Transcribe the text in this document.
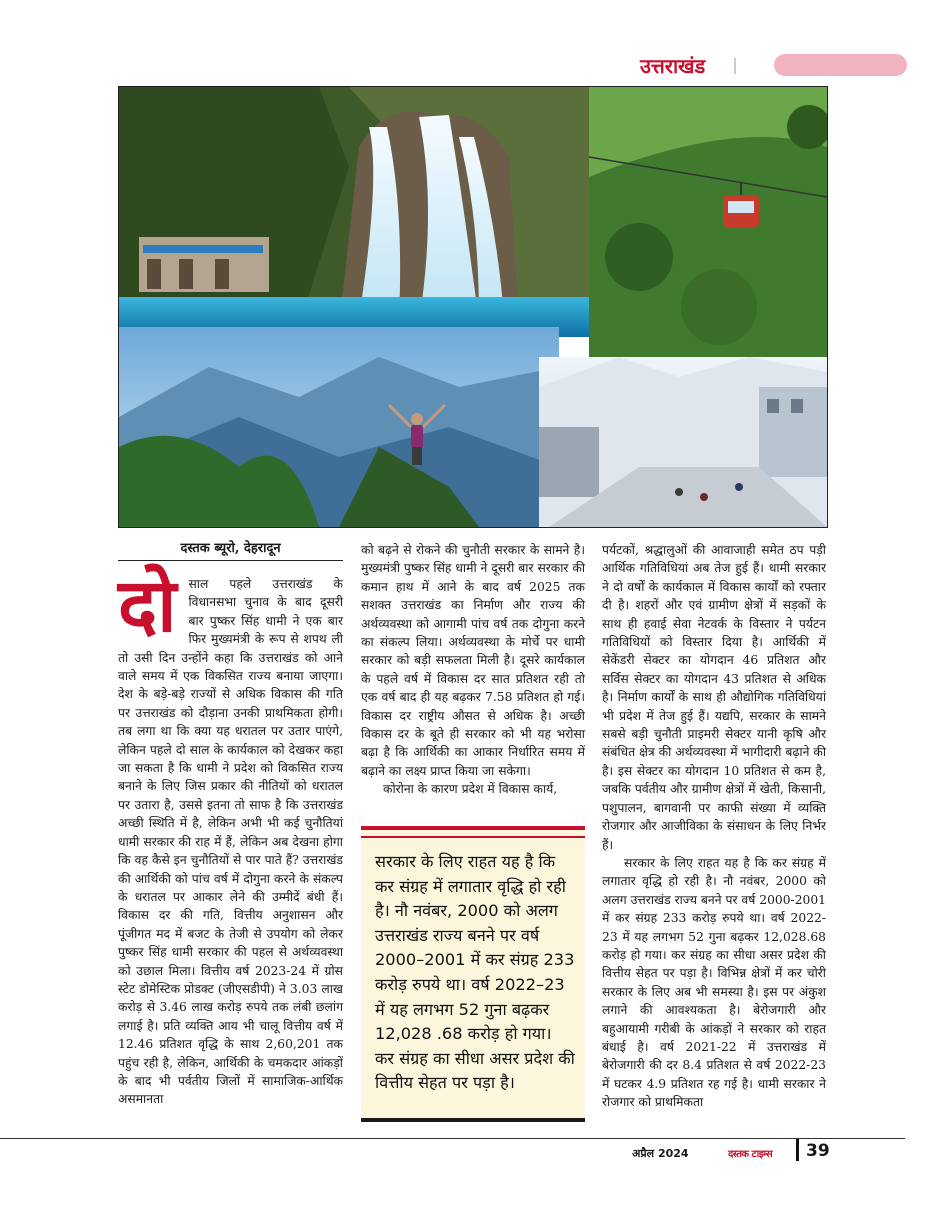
उत्तराखंड
दस्तक ब्यूरो, देहरादून

दोसाल पहले उत्तराखंड के विधानसभा चुनाव के बाद दूसरी बार पुष्कर सिंह धामी ने एक बार फिर मुख्यमंत्री के रूप से शपथ ली तो उसी दिन उन्होंने कहा कि उत्तराखंड को आने वाले समय में एक विकसित राज्य बनाया जाएगा। देश के बड़े-बड़े राज्यों से अधिक विकास की गति पर उत्तराखंड को दौड़ाना उनकी प्राथमिकता होगी। तब लगा था कि क्या यह धरातल पर उतार पाएंगे, लेकिन पहले दो साल के कार्यकाल को देखकर कहा जा सकता है कि धामी ने प्रदेश को विकसित राज्य बनाने के लिए जिस प्रकार की नीतियों को धरातल पर उतारा है, उससे इतना तो साफ है कि उत्तराखंड अच्छी स्थिति में है, लेकिन अभी भी कई चुनौतियां धामी सरकार की राह में हैं, लेकिन अब देखना होगा कि वह कैसे इन चुनौतियों से पार पाते हैं? उत्तराखंड की आर्थिकी को पांच वर्ष में दोगुना करने के संकल्प के धरातल पर आकार लेने की उम्मीदें बंधी हैं। विकास दर की गति, वित्तीय अनुशासन और पूंजीगत मद में बजट के तेजी से उपयोग को लेकर पुष्कर सिंह धामी सरकार की पहल से अर्थव्यवस्था को उछाल मिला। वित्तीय वर्ष 2023-24 में ग्रोस स्टेट डोमेस्टिक प्रोडक्ट (जीएसडीपी) ने 3.03 लाख करोड़ से 3.46 लाख करोड़ रुपये तक लंबी छलांग लगाई है। प्रति व्यक्ति आय भी चालू वित्तीय वर्ष में 12.46 प्रतिशत वृद्धि के साथ 2,60,201 तक पहुंच रही है, लेकिन, आर्थिकी के चमकदार आंकड़ों के बाद भी पर्वतीय जिलों में सामाजिक-आर्थिक असमानता

को बढ़ने से रोकने की चुनौती सरकार के सामने है। मुख्यमंत्री पुष्कर सिंह धामी ने दूसरी बार सरकार की कमान हाथ में आने के बाद वर्ष 2025 तक सशक्त उत्तराखंड का निर्माण और राज्य की अर्थव्यवस्था को आगामी पांच वर्ष तक दोगुना करने का संकल्प लिया। अर्थव्यवस्था के मोर्चे पर धामी सरकार को बड़ी सफलता मिली है। दूसरे कार्यकाल के पहले वर्ष में विकास दर सात प्रतिशत रही तो एक वर्ष बाद ही यह बढ़कर 7.58 प्रतिशत हो गई। विकास दर राष्ट्रीय औसत से अधिक है। अच्छी विकास दर के बूते ही सरकार को भी यह भरोसा बढ़ा है कि आर्थिकी का आकार निर्धारित समय में बढ़ाने का लक्ष्य प्राप्त किया जा सकेगा।

कोरोना के कारण प्रदेश में विकास कार्य,

सरकार के लिए राहत यह है कि कर संग्रह में लगातार वृद्धि हो रही है। नौ नवंबर, 2000 को अलग उत्तराखंड राज्य बनने पर वर्ष 2000–2001 में कर संग्रह 233 करोड़ रुपये था। वर्ष 2022–23 में यह लगभग 52 गुना बढ़कर 12,028 .68 करोड़ हो गया। कर संग्रह का सीधा असर प्रदेश की वित्तीय सेहत पर पड़ा है।

पर्यटकों, श्रद्धालुओं की आवाजाही समेत ठप पड़ी आर्थिक गतिविधियां अब तेज हुई हैं। धामी सरकार ने दो वर्षों के कार्यकाल में विकास कार्यों को रफ्तार दी है। शहरों और एवं ग्रामीण क्षेत्रों में सड़कों के साथ ही हवाई सेवा नेटवर्क के विस्तार ने पर्यटन गतिविधियों को विस्तार दिया है। आर्थिकी में सेकेंडरी सेक्टर का योगदान 46 प्रतिशत और सर्विस सेक्टर का योगदान 43 प्रतिशत से अधिक है। निर्माण कार्यों के साथ ही औद्योगिक गतिविधियां भी प्रदेश में तेज हुई हैं। यद्यपि, सरकार के सामने सबसे बड़ी चुनौती प्राइमरी सेक्टर यानी कृषि और संबंधित क्षेत्र की अर्थव्यवस्था में भागीदारी बढ़ाने की है। इस सेक्टर का योगदान 10 प्रतिशत से कम है, जबकि पर्वतीय और ग्रामीण क्षेत्रों में खेती, किसानी, पशुपालन, बागवानी पर काफी संख्या में व्यक्ति रोजगार और आजीविका के संसाधन के लिए निर्भर हैं।

सरकार के लिए राहत यह है कि कर संग्रह में लगातार वृद्धि हो रही है। नौ नवंबर, 2000 को अलग उत्तराखंड राज्य बनने पर वर्ष 2000-2001 में कर संग्रह 233 करोड़ रुपये था। वर्ष 2022-23 में यह लगभग 52 गुना बढ़कर 12,028.68 करोड़ हो गया। कर संग्रह का सीधा असर प्रदेश की वित्तीय सेहत पर पड़ा है। विभिन्न क्षेत्रों में कर चोरी सरकार के लिए अब भी समस्या है। इस पर अंकुश लगाने की आवश्यकता है। बेरोजगारी और बहुआयामी गरीबी के आंकड़ों ने सरकार को राहत बंधाई है। वर्ष 2021-22 में उत्तराखंड में बेरोजगारी की दर 8.4 प्रतिशत से वर्ष 2022-23 में घटकर 4.9 प्रतिशत रह गई है। धामी सरकार ने रोजगार को प्राथमिकता

अप्रैल 2024	दस्तक टाइम्स 39
